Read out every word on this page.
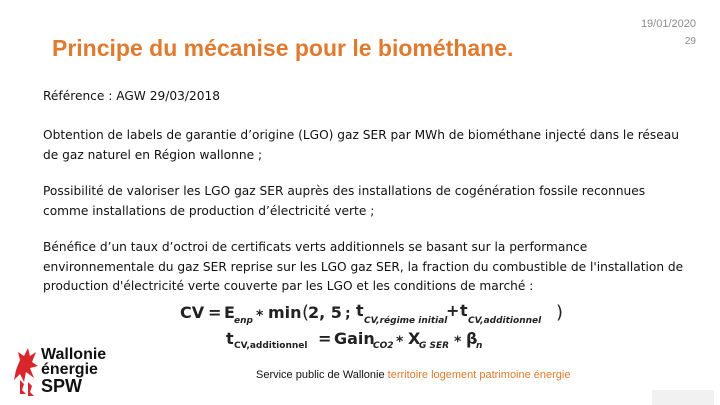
Principe du mécanise pour le biométhane.
19/01/2020
29
Référence : AGW 29/03/2018
Obtention de labels de garantie d’origine (LGO) gaz SER par MWh de biométhane injecté dans le réseau de gaz naturel en Région wallonne ;
Possibilité de valoriser les LGO gaz SER auprès des installations de cogénération fossile reconnues comme installations de production d’électricité verte ;
Bénéfice d’un taux d’octroi de certificats verts additionnels se basant sur la performance environnementale du gaz SER reprise sur les LGO gaz SER, la fraction du combustible de l'installation de production d'électricité verte couverte par les LGO et les conditions de marché :
CV = E enp * min (
2, 5 ; t
CV,régime initial
+ t
CV,additionnel )
t CV,additionnel = Gain
CO2 * X
G SER * β
n
Service public de Wallonie territoire logement patrimoine énergie
Wallonie
énergie
SPW
